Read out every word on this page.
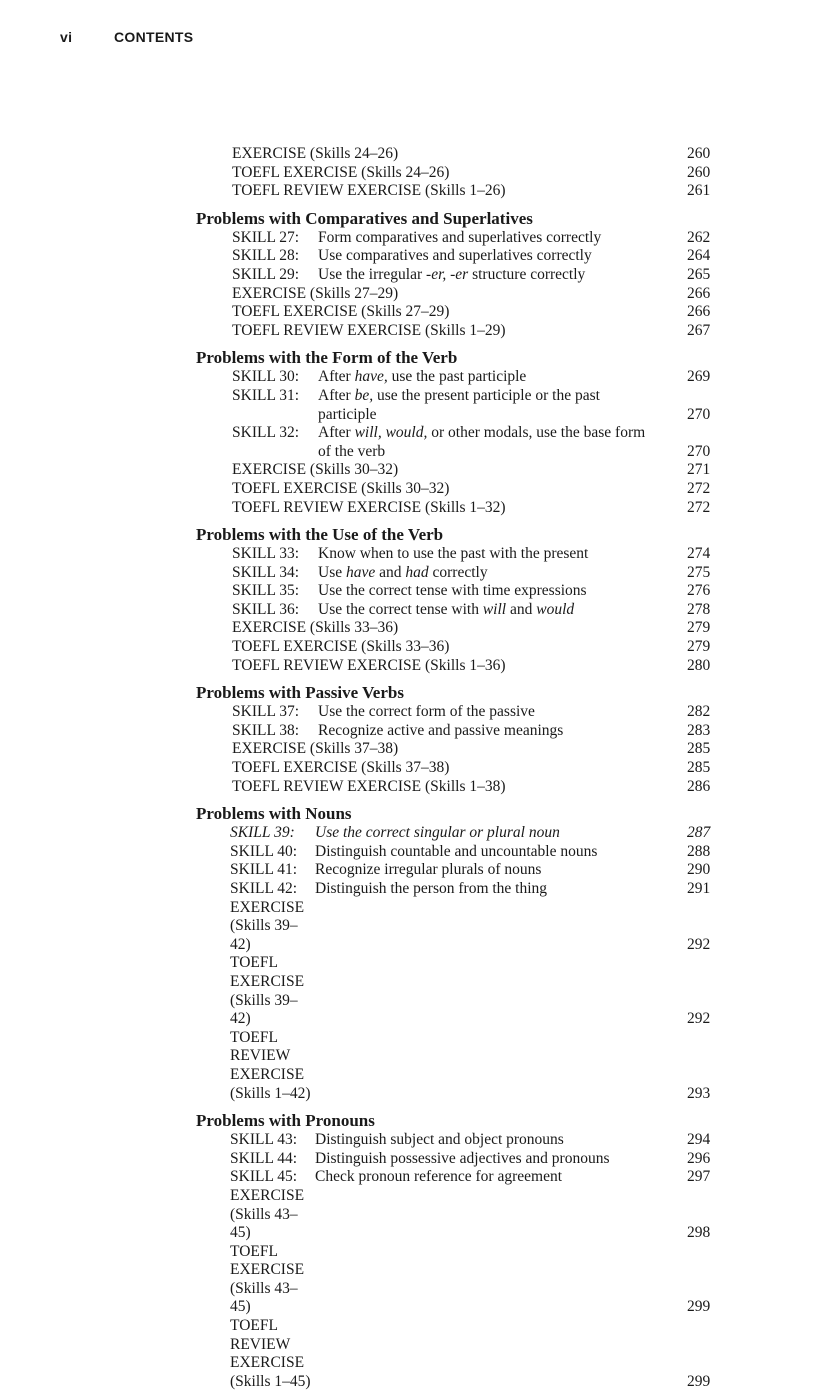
vi	CONTENTS
EXERCISE (Skills 24–26)	260
TOEFL EXERCISE (Skills 24–26)	260
TOEFL REVIEW EXERCISE (Skills 1–26)	261
Problems with Comparatives and Superlatives
SKILL 27: Form comparatives and superlatives correctly	262
SKILL 28: Use comparatives and superlatives correctly	264
SKILL 29: Use the irregular -er, -er structure correctly	265
EXERCISE (Skills 27–29)	266
TOEFL EXERCISE (Skills 27–29)	266
TOEFL REVIEW EXERCISE (Skills 1–29)	267
Problems with the Form of the Verb
SKILL 30: After have, use the past participle	269
SKILL 31: After be, use the present participle or the past participle	270
SKILL 32: After will, would, or other modals, use the base form of the verb	270
EXERCISE (Skills 30–32)	271
TOEFL EXERCISE (Skills 30–32)	272
TOEFL REVIEW EXERCISE (Skills 1–32)	272
Problems with the Use of the Verb
SKILL 33: Know when to use the past with the present	274
SKILL 34: Use have and had correctly	275
SKILL 35: Use the correct tense with time expressions	276
SKILL 36: Use the correct tense with will and would	278
EXERCISE (Skills 33–36)	279
TOEFL EXERCISE (Skills 33–36)	279
TOEFL REVIEW EXERCISE (Skills 1–36)	280
Problems with Passive Verbs
SKILL 37: Use the correct form of the passive	282
SKILL 38: Recognize active and passive meanings	283
EXERCISE (Skills 37–38)	285
TOEFL EXERCISE (Skills 37–38)	285
TOEFL REVIEW EXERCISE (Skills 1–38)	286
Problems with Nouns
SKILL 39: Use the correct singular or plural noun	287
SKILL 40: Distinguish countable and uncountable nouns	288
SKILL 41: Recognize irregular plurals of nouns	290
SKILL 42: Distinguish the person from the thing	291
EXERCISE (Skills 39–42)	292
TOEFL EXERCISE (Skills 39–42)	292
TOEFL REVIEW EXERCISE (Skills 1–42)	293
Problems with Pronouns
SKILL 43: Distinguish subject and object pronouns	294
SKILL 44: Distinguish possessive adjectives and pronouns	296
SKILL 45: Check pronoun reference for agreement	297
EXERCISE (Skills 43–45)	298
TOEFL EXERCISE (Skills 43–45)	299
TOEFL REVIEW EXERCISE (Skills 1–45)	299
